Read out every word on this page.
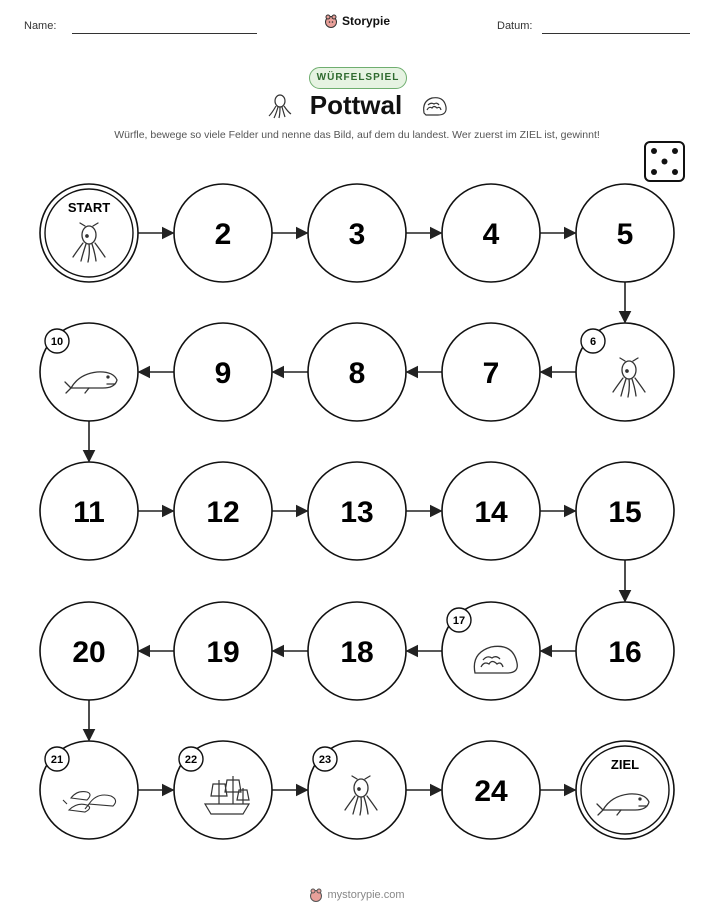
Name:	Storypie	Datum:
WÜRFELSPIEL
Pottwal
Würfle, bewege so viele Felder und nenne das Bild, auf dem du landest. Wer zuerst im ZIEL ist, gewinnt!
START
2	3	4	5
6
7
8
9
10
11	12	13	14	15
16
17
18
19
20
21	22	23
24
ZIEL
mystorypie.com
